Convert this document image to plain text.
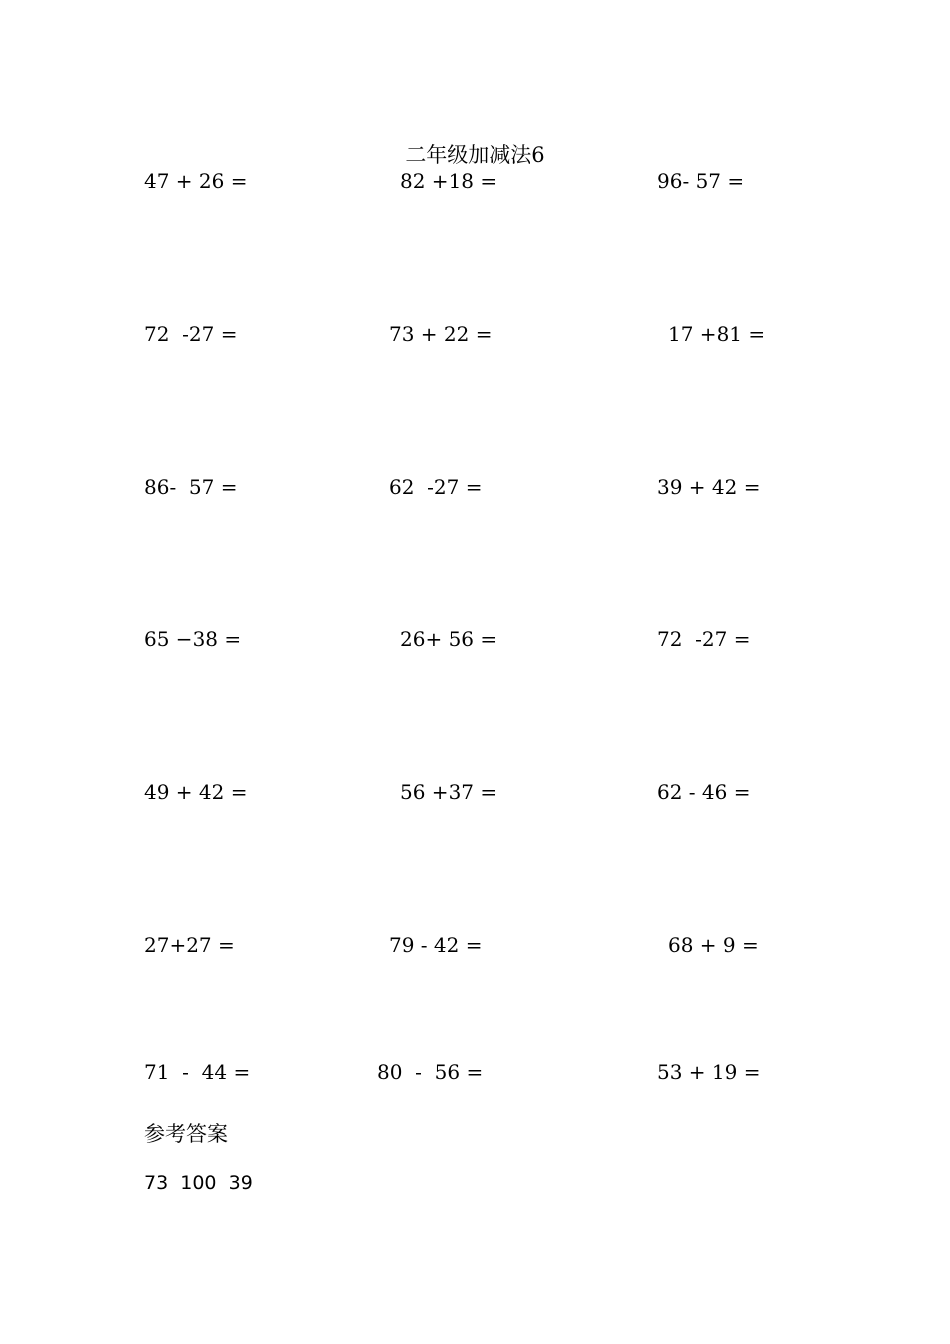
二年级加减法6
47 + 26 =	82 +18 =	96- 57 =
72  -27 =	73 + 22 =	17 +81 =
86-  57 =	62  -27 =	39 + 42 =
65 −38 =	26+ 56 =	72  -27 =
49 + 42 =	56 +37 =	62 - 46 =
27+27 =	79 - 42 =	68 + 9 =
71  -  44 =	80  -  56 =	53 + 19 =
参考答案
73  100  39
